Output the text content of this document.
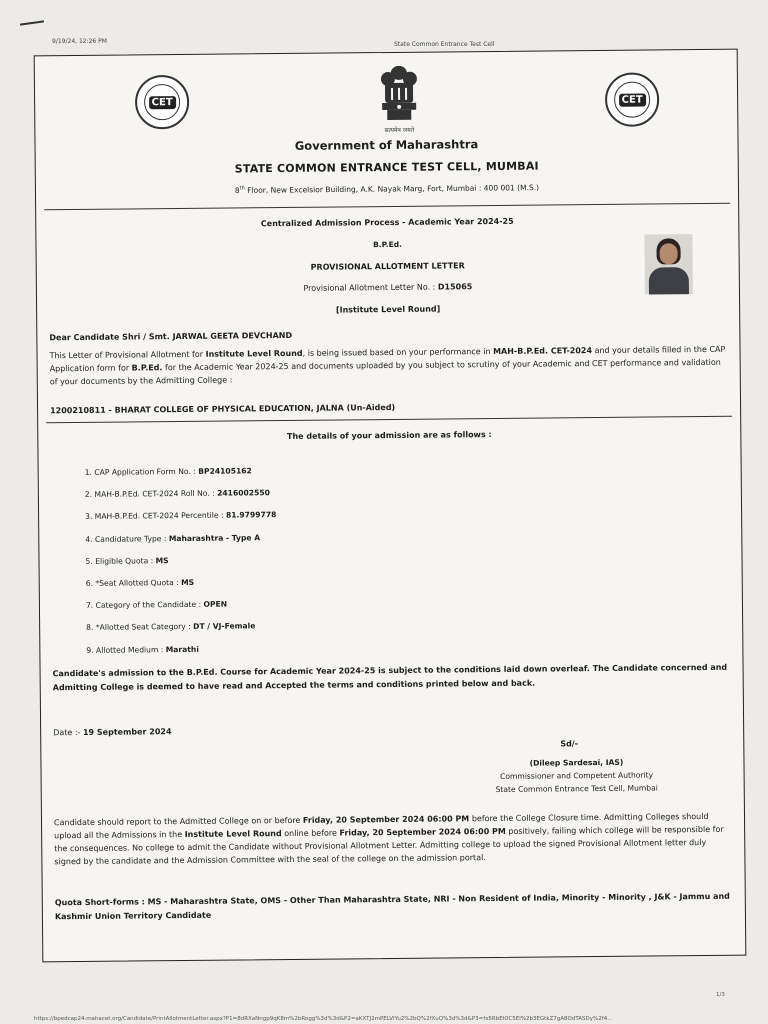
9/19/24, 12:26 PM	State Common Entrance Test Cell
CET	CET
सत्यमेव जयते
Government of Maharashtra
STATE COMMON ENTRANCE TEST CELL, MUMBAI
8th Floor, New Excelsior Building, A.K. Nayak Marg, Fort, Mumbai : 400 001 (M.S.)
Centralized Admission Process - Academic Year 2024-25
B.P.Ed.
PROVISIONAL ALLOTMENT LETTER
Provisional Allotment Letter No. : D15065
[Institute Level Round]
Dear Candidate Shri / Smt. JARWAL GEETA DEVCHAND
This Letter of Provisional Allotment for Institute Level Round, is being issued based on your performance in MAH-B.P.Ed. CET-2024 and your details filled in the CAP Application form for B.P.Ed. for the Academic Year 2024-25 and documents uploaded by you subject to scrutiny of your Academic and CET performance and validation of your documents by the Admitting College :
1200210811 - BHARAT COLLEGE OF PHYSICAL EDUCATION, JALNA (Un-Aided)
The details of your admission are as follows :
1. CAP Application Form No. : BP24105162
2. MAH-B.P.Ed. CET-2024 Roll No. : 2416002550
3. MAH-B.P.Ed. CET-2024 Percentile : 81.9799778
4. Candidature Type : Maharashtra - Type A
5. Eligible Quota : MS
6. *Seat Allotted Quota : MS
7. Category of the Candidate : OPEN
8. *Allotted Seat Category : DT / VJ-Female
9. Allotted Medium : Marathi
Candidate's admission to the B.P.Ed. Course for Academic Year 2024-25 is subject to the conditions laid down overleaf. The Candidate concerned and Admitting College is deemed to have read and Accepted the terms and conditions printed below and back.
Date :- 19 September 2024
Sd/-
(Dileep Sardesai, IAS)
Commissioner and Competent Authority
State Common Entrance Test Cell, Mumbai
Candidate should report to the Admitted College on or before Friday, 20 September 2024 06:00 PM before the College Closure time. Admitting Colleges should upload all the Admissions in the Institute Level Round online before Friday, 20 September 2024 06:00 PM positively, failing which college will be responsible for the consequences. No college to admit the Candidate without Provisional Allotment Letter. Admitting college to upload the signed Provisional Allotment letter duly signed by the candidate and the Admission Committee with the seal of the college on the admission portal.
Quota Short-forms : MS - Maharashtra State, OMS - Other Than Maharashtra State, NRI - Non Resident of India, Minority - Minority , J&K - Jammu and Kashmir Union Territory Candidate
1/3
https://bpedcap24.mahacet.org/Candidate/PrintAllotmentLetter.aspx?P1=8dRXaNngp9qK8m%2bRogg%3d%3d&P2=aKXTJ2mPELVIYu2%2bQ%2fXuQ%3d%3d&P3=fx5RbEt0C5El%2b3EGtkZ7gA8OdTASDy%2f4...
